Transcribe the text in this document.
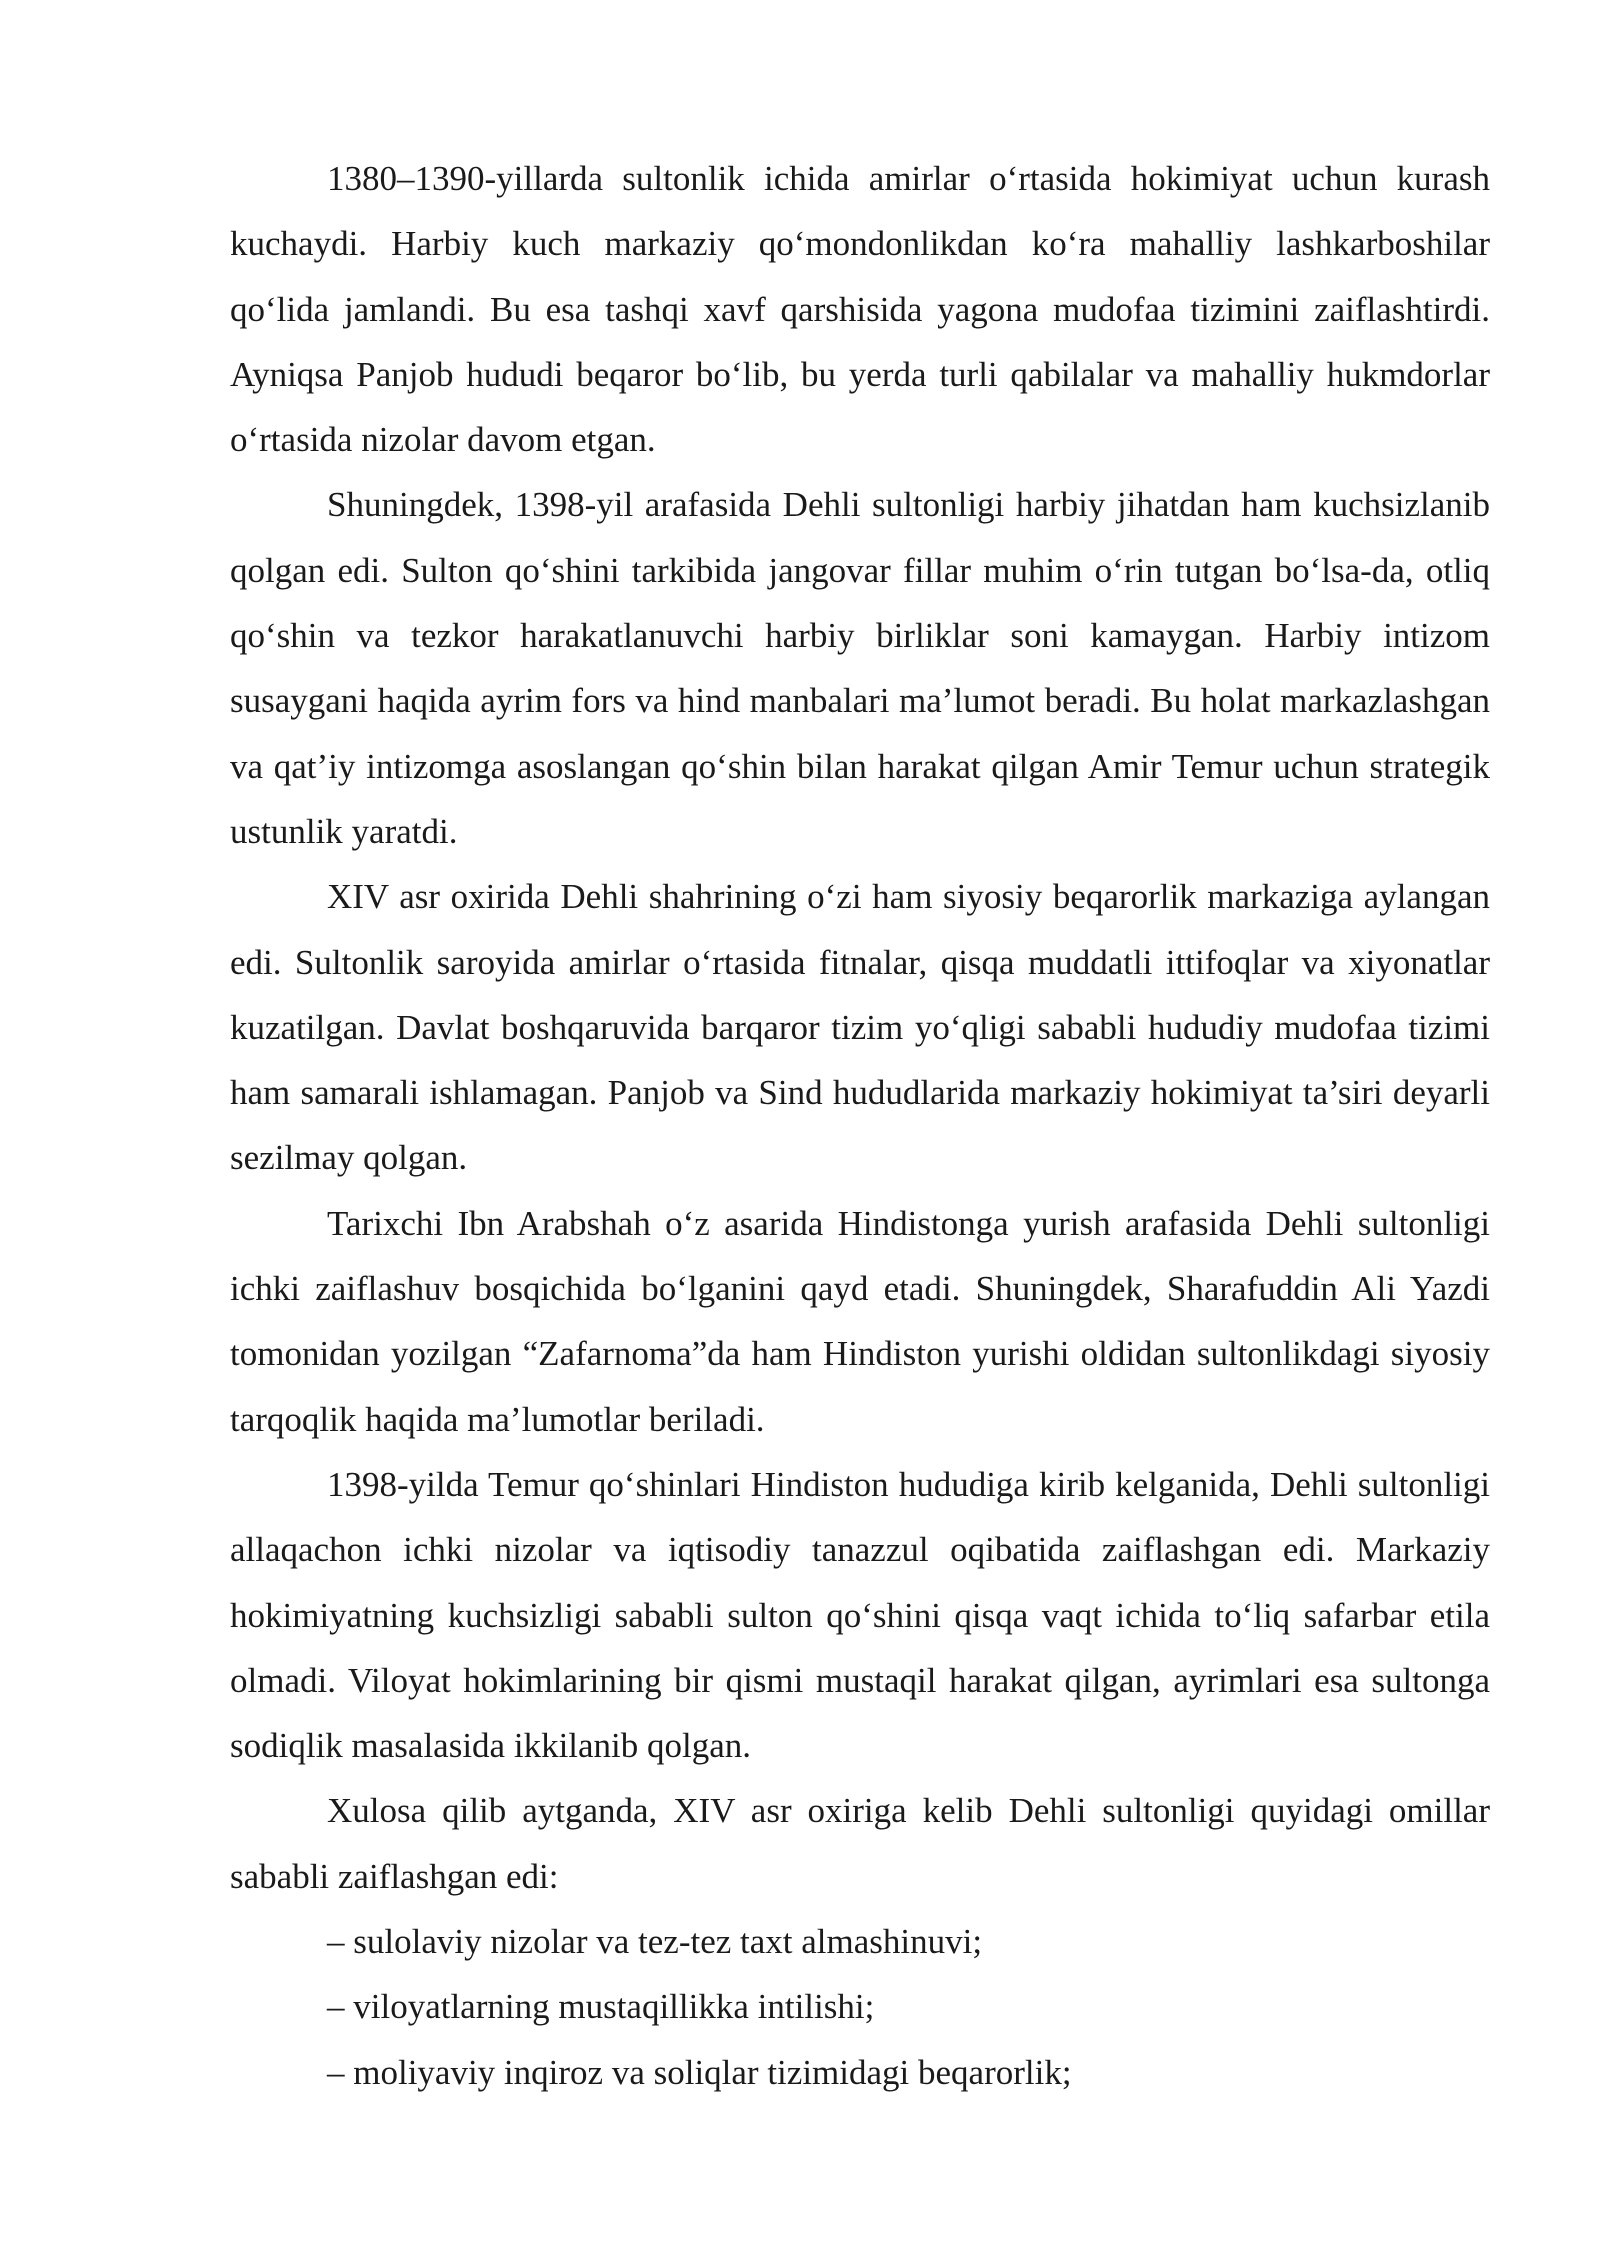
1380–1390-yillarda sultonlik ichida amirlar o‘rtasida hokimiyat uchun kurash kuchaydi. Harbiy kuch markaziy qo‘mondonlikdan ko‘ra mahalliy lashkarboshilar qo‘lida jamlandi. Bu esa tashqi xavf qarshisida yagona mudofaa tizimini zaiflashtirdi. Ayniqsa Panjob hududi beqaror bo‘lib, bu yerda turli qabilalar va mahalliy hukmdorlar o‘rtasida nizolar davom etgan.

Shuningdek, 1398-yil arafasida Dehli sultonligi harbiy jihatdan ham kuchsizlanib qolgan edi. Sulton qo‘shini tarkibida jangovar fillar muhim o‘rin tutgan bo‘lsa-da, otliq qo‘shin va tezkor harakatlanuvchi harbiy birliklar soni kamaygan. Harbiy intizom susaygani haqida ayrim fors va hind manbalari ma’lumot beradi. Bu holat markazlashgan va qat’iy intizomga asoslangan qo‘shin bilan harakat qilgan Amir Temur uchun strategik ustunlik yaratdi.

XIV asr oxirida Dehli shahrining o‘zi ham siyosiy beqarorlik markaziga aylangan edi. Sultonlik saroyida amirlar o‘rtasida fitnalar, qisqa muddatli ittifoqlar va xiyonatlar kuzatilgan. Davlat boshqaruvida barqaror tizim yo‘qligi sababli hududiy mudofaa tizimi ham samarali ishlamagan. Panjob va Sind hududlarida markaziy hokimiyat ta’siri deyarli sezilmay qolgan.

Tarixchi Ibn Arabshah o‘z asarida Hindistonga yurish arafasida Dehli sultonligi ichki zaiflashuv bosqichida bo‘lganini qayd etadi. Shuningdek, Sharafuddin Ali Yazdi tomonidan yozilgan “Zafarnoma”da ham Hindiston yurishi oldidan sultonlikdagi siyosiy tarqoqlik haqida ma’lumotlar beriladi.

1398-yilda Temur qo‘shinlari Hindiston hududiga kirib kelganida, Dehli sultonligi allaqachon ichki nizolar va iqtisodiy tanazzul oqibatida zaiflashgan edi. Markaziy hokimiyatning kuchsizligi sababli sulton qo‘shini qisqa vaqt ichida to‘liq safarbar etila olmadi. Viloyat hokimlarining bir qismi mustaqil harakat qilgan, ayrimlari esa sultonga sodiqlik masalasida ikkilanib qolgan.

Xulosa qilib aytganda, XIV asr oxiriga kelib Dehli sultonligi quyidagi omillar sababli zaiflashgan edi:

– sulolaviy nizolar va tez-tez taxt almashinuvi;
– viloyatlarning mustaqillikka intilishi;
– moliyaviy inqiroz va soliqlar tizimidagi beqarorlik;
